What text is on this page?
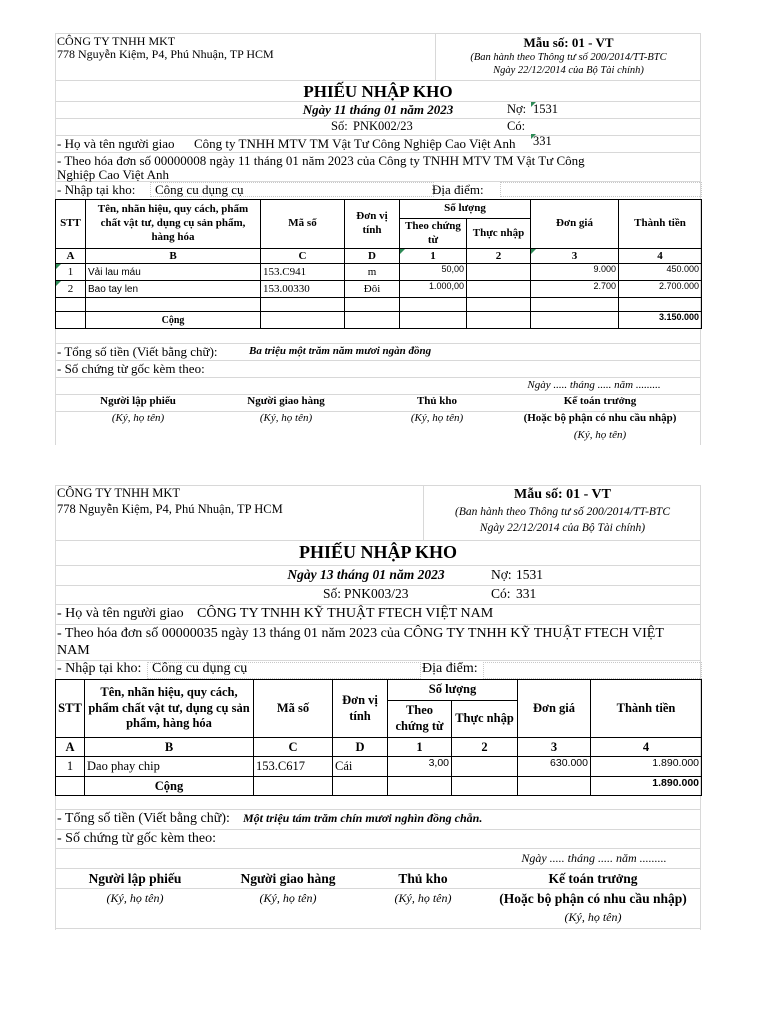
CÔNG TY TNHH MKT
778 Nguyễn Kiệm, P4, Phú Nhuận, TP HCM
Mẫu số: 01 - VT
(Ban hành theo Thông tư số 200/2014/TT-BTC
Ngày 22/12/2014 của Bộ Tài chính)
PHIẾU NHẬP KHO
Ngày 11 tháng 01 năm 2023	Nợ: 1531
Số: PNK002/23	Có:
331
- Họ và tên người giao Công ty TNHH MTV TM Vật Tư Công Nghiệp Cao Việt Anh
- Theo hóa đơn số 00000008 ngày 11 tháng 01 năm 2023 của Công ty TNHH MTV TM Vật Tư Công
Nghiệp Cao Việt Anh
- Nhập tại kho: Công cu dụng cụ	Địa điểm:
STT	Tên, nhãn hiệu, quy cách, phẩm chất vật tư, dụng cụ sản phẩm, hàng hóa	Mã số	Đơn vị tính	Số lượng		Đơn giá	Thành tiền
				Theo chứng từ	Thực nhập		
A	B	C	D	1	2	3	4
1	Vải lau máu	153.C941	m	50,00		9.000	450.000
2	Bao tay len	153.00330	Đôi	1.000,00		2.700	2.700.000

	Cộng						3.150.000
- Tổng số tiền (Viết bằng chữ):	Ba triệu một trăm năm mươi ngàn đồng
- Số chứng từ gốc kèm theo:
Ngày ..... tháng ..... năm .........
Người lập phiếu	Người giao hàng	Thủ kho	Kế toán trưởng
(Ký, họ tên)	(Ký, họ tên)	(Ký, họ tên)	(Hoặc bộ phận có nhu cầu nhập)
(Ký, họ tên)
CÔNG TY TNHH MKT
778 Nguyễn Kiệm, P4, Phú Nhuận, TP HCM
Mẫu số: 01 - VT
(Ban hành theo Thông tư số 200/2014/TT-BTC
Ngày 22/12/2014 của Bộ Tài chính)
PHIẾU NHẬP KHO
Ngày 13 tháng 01 năm 2023	Nợ: 1531
Số: PNK003/23	Có: 331
- Họ và tên người giao CÔNG TY TNHH KỸ THUẬT FTECH VIỆT NAM
- Theo hóa đơn số 00000035 ngày 13 tháng 01 năm 2023 của CÔNG TY TNHH KỸ THUẬT FTECH VIỆT
NAM
- Nhập tại kho: Công cu dụng cụ	Địa điểm:
STT	Tên, nhãn hiệu, quy cách, phẩm chất vật tư, dụng cụ sản phẩm, hàng hóa	Mã số	Đơn vị tính	Số lượng		Đơn giá	Thành tiền
				Theo chứng từ	Thực nhập		
A	B	C	D	1	2	3	4
1	Dao phay chip	153.C617	Cái	3,00		630.000	1.890.000
	Cộng						1.890.000
- Tổng số tiền (Viết bằng chữ): Một triệu tám trăm chín mươi nghìn đồng chẵn.
- Số chứng từ gốc kèm theo:
Ngày ..... tháng ..... năm .........
Người lập phiếu	Người giao hàng	Thủ kho	Kế toán trưởng
(Ký, họ tên)	(Ký, họ tên)	(Ký, họ tên)	(Hoặc bộ phận có nhu cầu nhập)
(Ký, họ tên)
